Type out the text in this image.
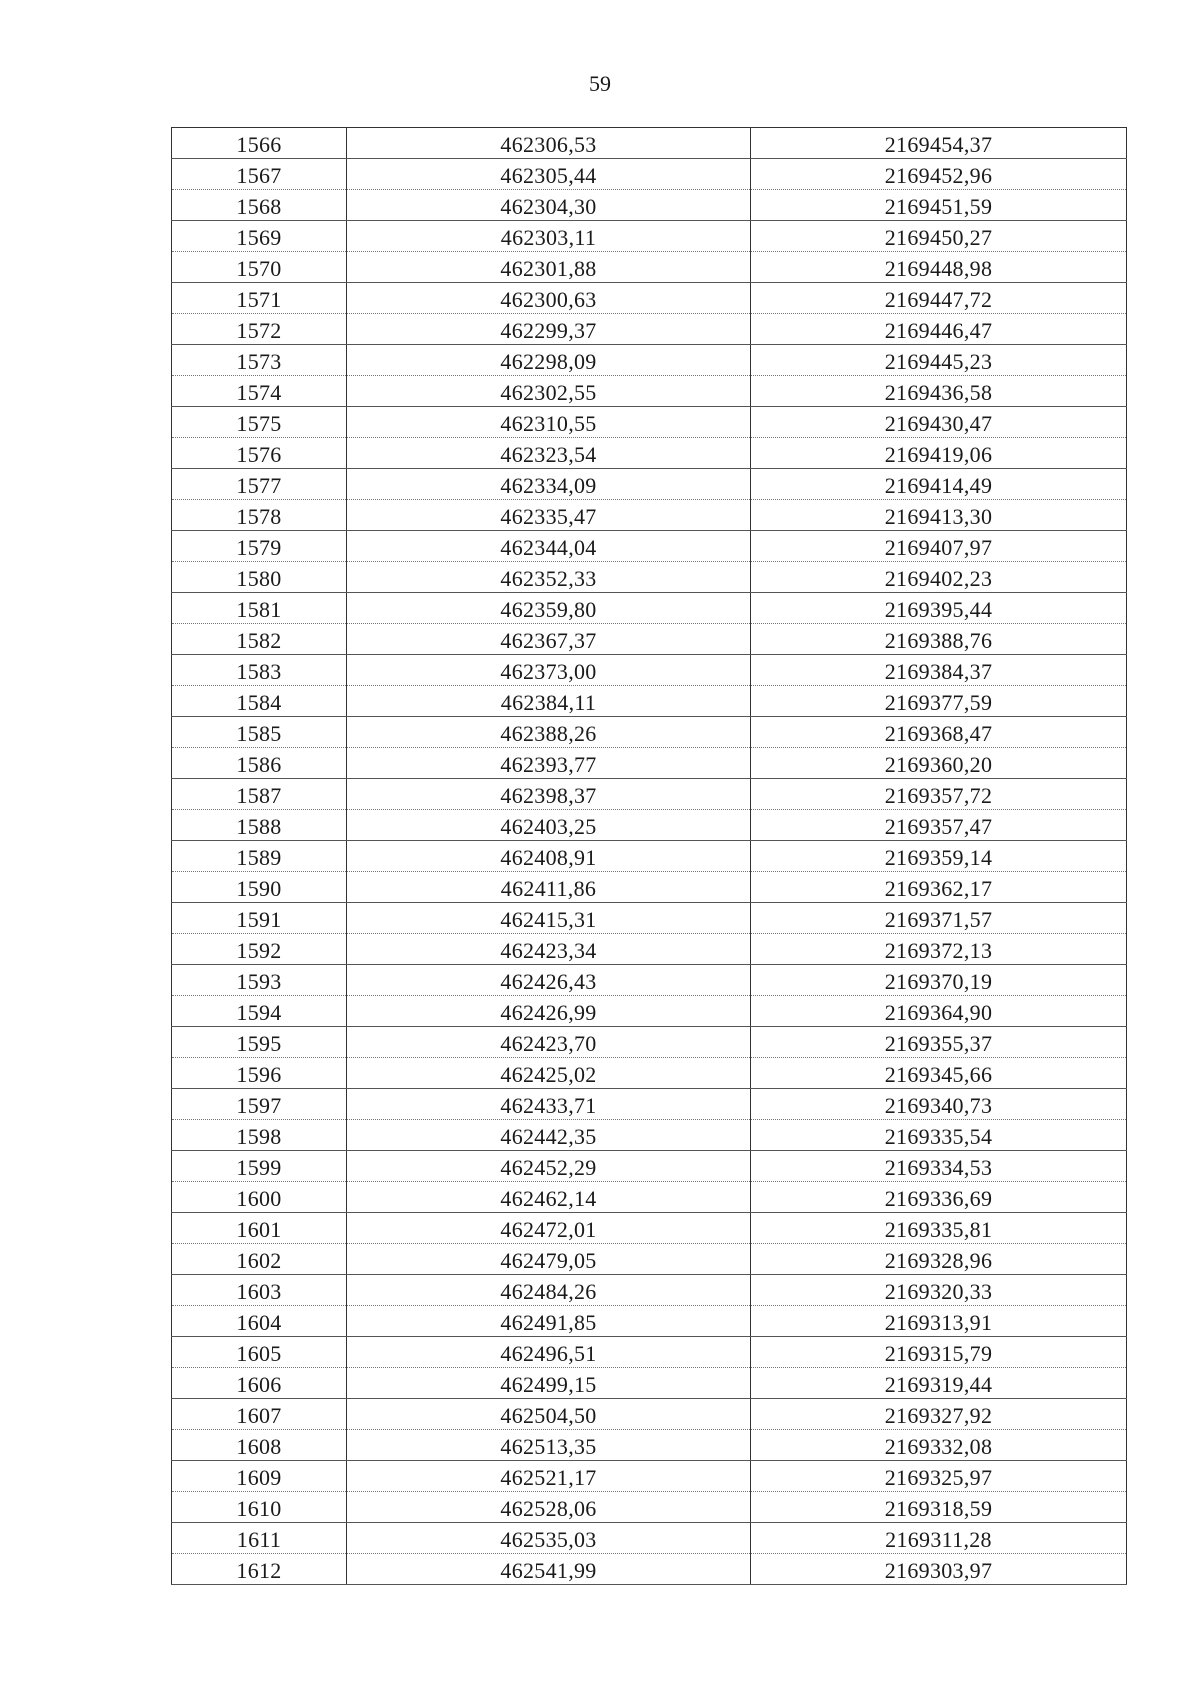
59
1566	462306,53	2169454,37
1567	462305,44	2169452,96
1568	462304,30	2169451,59
1569	462303,11	2169450,27
1570	462301,88	2169448,98
1571	462300,63	2169447,72
1572	462299,37	2169446,47
1573	462298,09	2169445,23
1574	462302,55	2169436,58
1575	462310,55	2169430,47
1576	462323,54	2169419,06
1577	462334,09	2169414,49
1578	462335,47	2169413,30
1579	462344,04	2169407,97
1580	462352,33	2169402,23
1581	462359,80	2169395,44
1582	462367,37	2169388,76
1583	462373,00	2169384,37
1584	462384,11	2169377,59
1585	462388,26	2169368,47
1586	462393,77	2169360,20
1587	462398,37	2169357,72
1588	462403,25	2169357,47
1589	462408,91	2169359,14
1590	462411,86	2169362,17
1591	462415,31	2169371,57
1592	462423,34	2169372,13
1593	462426,43	2169370,19
1594	462426,99	2169364,90
1595	462423,70	2169355,37
1596	462425,02	2169345,66
1597	462433,71	2169340,73
1598	462442,35	2169335,54
1599	462452,29	2169334,53
1600	462462,14	2169336,69
1601	462472,01	2169335,81
1602	462479,05	2169328,96
1603	462484,26	2169320,33
1604	462491,85	2169313,91
1605	462496,51	2169315,79
1606	462499,15	2169319,44
1607	462504,50	2169327,92
1608	462513,35	2169332,08
1609	462521,17	2169325,97
1610	462528,06	2169318,59
1611	462535,03	2169311,28
1612	462541,99	2169303,97
